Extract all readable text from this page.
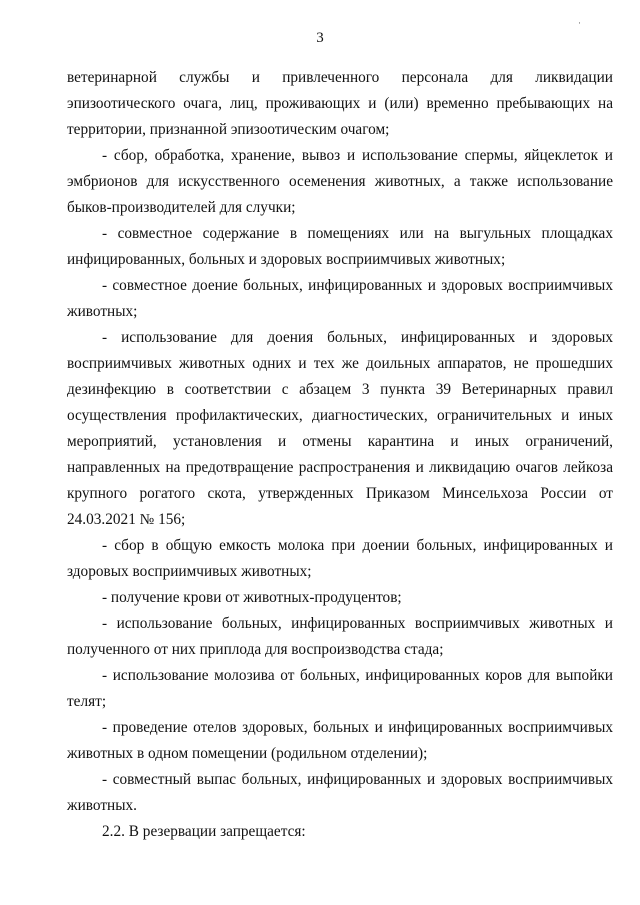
3
·

ветеринарной службы и привлеченного персонала для ликвидации эпизоотического очага, лиц, проживающих и (или) временно пребывающих на территории, признанной эпизоотическим очагом;

- сбор, обработка, хранение, вывоз и использование спермы, яйцеклеток и эмбрионов для искусственного осеменения животных, а также использование быков-производителей для случки;

- совместное содержание в помещениях или на выгульных площадках инфицированных, больных и здоровых восприимчивых животных;

- совместное доение больных, инфицированных и здоровых восприимчивых животных;

- использование для доения больных, инфицированных и здоровых восприимчивых животных одних и тех же доильных аппаратов, не прошедших дезинфекцию в соответствии с абзацем 3 пункта 39 Ветеринарных правил осуществления профилактических, диагностических, ограничительных и иных мероприятий, установления и отмены карантина и иных ограничений, направленных на предотвращение распространения и ликвидацию очагов лейкоза крупного рогатого скота, утвержденных Приказом Минсельхоза России от 24.03.2021 № 156;

- сбор в общую емкость молока при доении больных, инфицированных и здоровых восприимчивых животных;

- получение крови от животных-продуцентов;

- использование больных, инфицированных восприимчивых животных и полученного от них приплода для воспроизводства стада;

- использование молозива от больных, инфицированных коров для выпойки телят;

- проведение отелов здоровых, больных и инфицированных восприимчивых животных в одном помещении (родильном отделении);

- совместный выпас больных, инфицированных и здоровых восприимчивых животных.

2.2. В резервации запрещается:
